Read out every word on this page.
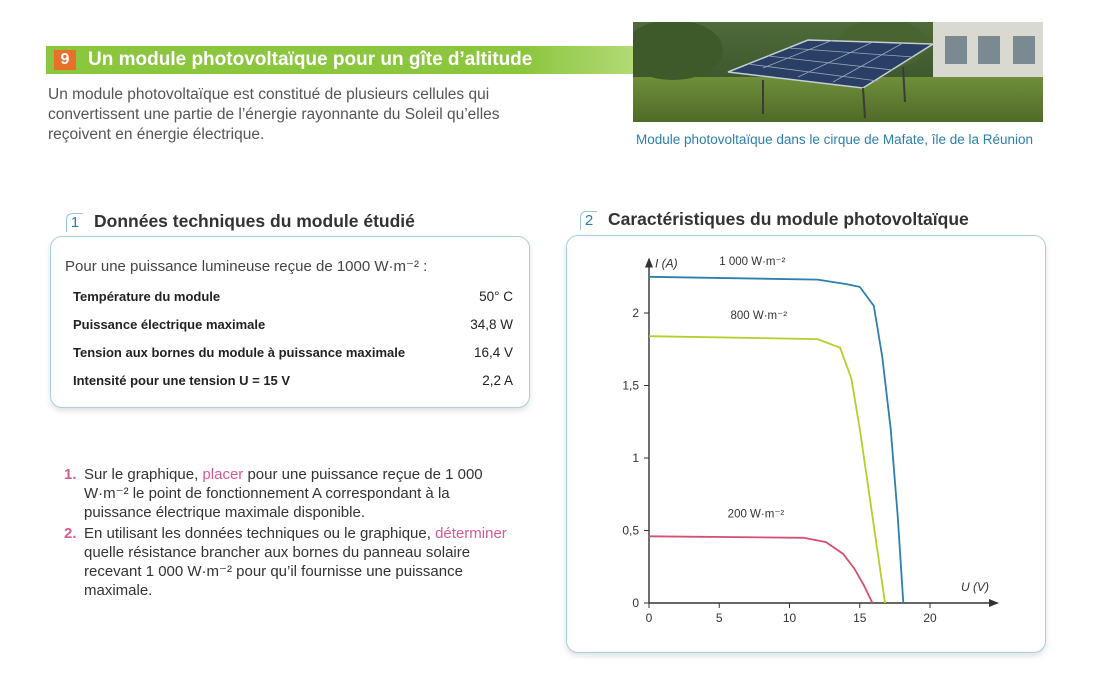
9 Un module photovoltaïque pour un gîte d’altitude
Un module photovoltaïque est constitué de plusieurs cellules qui convertissent une partie de l’énergie rayonnante du Soleil qu’elles reçoivent en énergie électrique.	Module photovoltaïque dans le cirque de Mafate, île de la Réunion
1 Données techniques du module étudié
Pour une puissance lumineuse reçue de 1000 W·m⁻² :
Température du module	50° C
Puissance électrique maximale	34,8 W
Tension aux bornes du module à puissance maximale	16,4 V
Intensité pour une tension U = 15 V	2,2 A
1. Sur le graphique, placer pour une puissance reçue de 1 000 W·m⁻² le point de fonctionnement A correspondant à la puissance électrique maximale disponible.
2. En utilisant les données techniques ou le graphique, déterminer quelle résistance brancher aux bornes du panneau solaire recevant 1 000 W·m⁻² pour qu’il fournisse une puissance maximale.
2 Caractéristiques du module photovoltaïque
0	5	10	15	20
0
0,5
1
1,5
2
I (A)
U (V)
1 000 W·m⁻²
800 W·m⁻²
200 W·m⁻²
